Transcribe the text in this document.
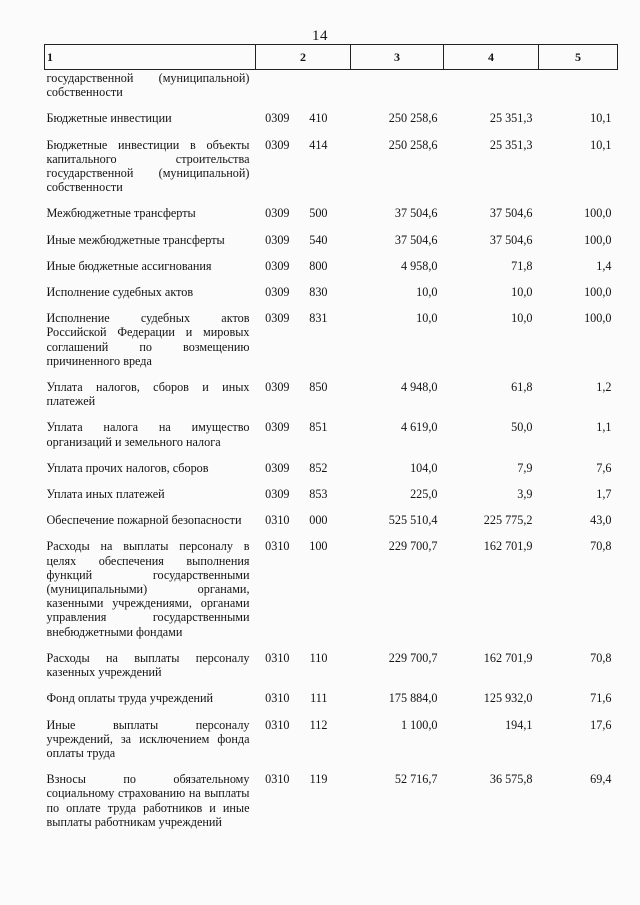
14
1	2	3	4	5
государственной (муниципальной) собственности	

Бюджетные инвестиции	0309 410	250 258,6	25 351,3	10,1
Бюджетные инвестиции в объекты капитального строительства государственной (муниципальной) собственности	0309 414	250 258,6	25 351,3	10,1
Межбюджетные трансферты	0309 500	37 504,6	37 504,6	100,0
Иные межбюджетные трансферты	0309 540	37 504,6	37 504,6	100,0
Иные бюджетные ассигнования	0309 800	4 958,0	71,8	1,4
Исполнение судебных актов	0309 830	10,0	10,0	100,0
Исполнение судебных актов Российской Федерации и мировых соглашений по возмещению причиненного вреда	0309 831	10,0	10,0	100,0
Уплата налогов, сборов и иных платежей	0309 850	4 948,0	61,8	1,2
Уплата налога на имущество организаций и земельного налога	0309 851	4 619,0	50,0	1,1
Уплата прочих налогов, сборов	0309 852	104,0	7,9	7,6
Уплата иных платежей	0309 853	225,0	3,9	1,7
Обеспечение пожарной безопасности	0310 000	525 510,4	225 775,2	43,0
Расходы на выплаты персоналу в целях обеспечения выполнения функций государственными (муниципальными) органами, казенными учреждениями, органами управления государственными внебюджетными фондами	0310 100	229 700,7	162 701,9	70,8
Расходы на выплаты персоналу казенных учреждений	0310 110	229 700,7	162 701,9	70,8
Фонд оплаты труда учреждений	0310 111	175 884,0	125 932,0	71,6
Иные выплаты персоналу учреждений, за исключением фонда оплаты труда	0310 112	1 100,0	194,1	17,6
Взносы по обязательному социальному страхованию на выплаты по оплате труда работников и иные выплаты работникам учреждений	0310 119	52 716,7	36 575,8	69,4
